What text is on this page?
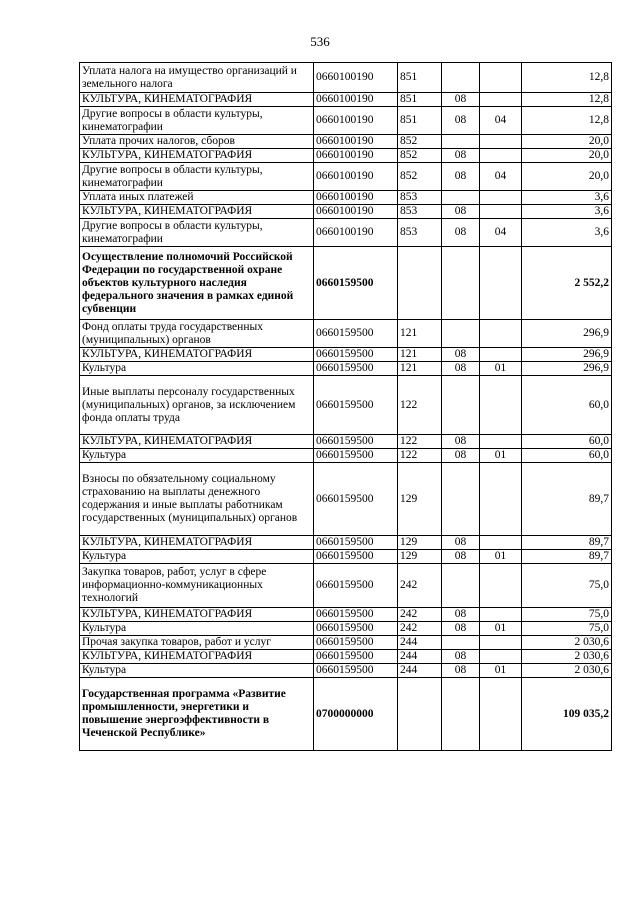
536
Уплата налога на имущество организаций и земельного налога	0660100190	851			12,8
КУЛЬТУРА, КИНЕМАТОГРАФИЯ	0660100190	851	08		12,8
Другие вопросы в области культуры, кинематографии	0660100190	851	08	04	12,8
Уплата прочих налогов, сборов	0660100190	852			20,0
КУЛЬТУРА, КИНЕМАТОГРАФИЯ	0660100190	852	08		20,0
Другие вопросы в области культуры, кинематографии	0660100190	852	08	04	20,0
Уплата иных платежей	0660100190	853			3,6
КУЛЬТУРА, КИНЕМАТОГРАФИЯ	0660100190	853	08		3,6
Другие вопросы в области культуры, кинематографии	0660100190	853	08	04	3,6
Осуществление полномочий Российской Федерации по государственной охране объектов культурного наследия федерального значения в рамках единой субвенции	0660159500				2 552,2
Фонд оплаты труда государственных (муниципальных) органов	0660159500	121			296,9
КУЛЬТУРА, КИНЕМАТОГРАФИЯ	0660159500	121	08		296,9
Культура	0660159500	121	08	01	296,9
Иные выплаты персоналу государственных (муниципальных) органов, за исключением фонда оплаты труда	0660159500	122			60,0
КУЛЬТУРА, КИНЕМАТОГРАФИЯ	0660159500	122	08		60,0
Культура	0660159500	122	08	01	60,0
Взносы по обязательному социальному страхованию на выплаты денежного содержания и иные выплаты работникам государственных (муниципальных) органов	0660159500	129			89,7
КУЛЬТУРА, КИНЕМАТОГРАФИЯ	0660159500	129	08		89,7
Культура	0660159500	129	08	01	89,7
Закупка товаров, работ, услуг в сфере информационно-коммуникационных технологий	0660159500	242			75,0
КУЛЬТУРА, КИНЕМАТОГРАФИЯ	0660159500	242	08		75,0
Культура	0660159500	242	08	01	75,0
Прочая закупка товаров, работ и услуг	0660159500	244			2 030,6
КУЛЬТУРА, КИНЕМАТОГРАФИЯ	0660159500	244	08		2 030,6
Культура	0660159500	244	08	01	2 030,6
Государственная программа «Развитие промышленности, энергетики и повышение энергоэффективности в Чеченской Республике»	0700000000				109 035,2
